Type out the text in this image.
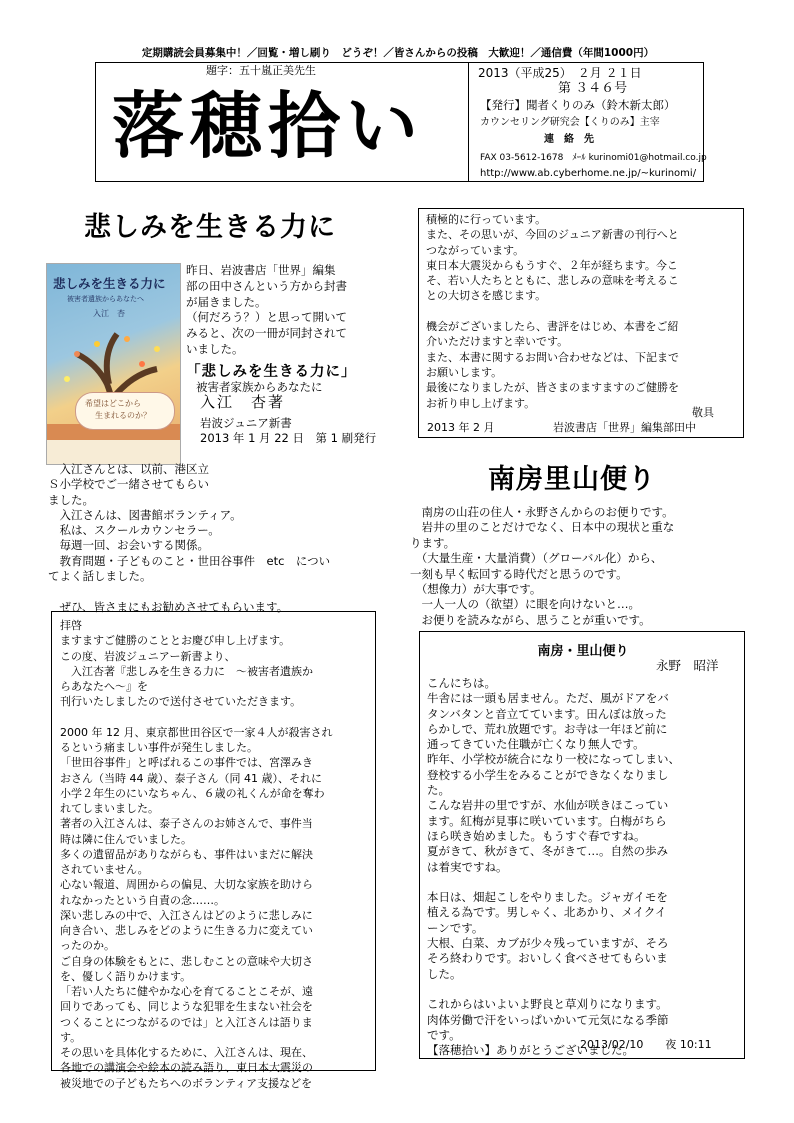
定期購読会員募集中！／回覧・増し刷り　どうぞ！／皆さんからの投稿　大歓迎！／通信費（年間1000円）
題字：五十嵐正美先生
落穂拾い
2013（平成25）　２月 ２１日
第 ３４６号
【発行】聞者くりのみ（鈴木新太郎）
カウンセリング研究会【くりのみ】主宰
連　絡　先
FAX 03-5612-1678　ﾒｰﾙ kurinomi01@hotmail.co.jp
http://www.ab.cyberhome.ne.jp/~kurinomi/
悲しみを生きる力に
悲しみを生きる力に
被害者遺族からあなたへ
入江　杏
希望はどこから
生まれるのか？
昨日、岩波書店「世界」編集
部の田中さんという方から封書
が届きました。
（何だろう？）と思って開いて
みると、次の一冊が同封されて
いました。
「悲しみを生きる力に」
被害者家族からあなたに
入江　杏著
岩波ジュニア新書
2013 年 1 月 22 日　第 1 刷発行
　入江さんとは、以前、港区立
Ｓ小学校でご一緒させてもらい
ました。
　入江さんは、図書館ボランティア。
　私は、スクールカウンセラー。
　毎週一回、お会いする関係。
　教育問題・子どものこと・世田谷事件　etc　につい
てよく話しました。

　ぜひ、皆さまにもお勧めさせてもらいます。
拝啓
ますますご健勝のこととお慶び申し上げます。
この度、岩波ジュニアー新書より、
　入江杏著『悲しみを生きる力に　～被害者遺族か
らあなたへ～』を
刊行いたしましたので送付させていただきます。

2000 年 12 月、東京都世田谷区で一家４人が殺害され
るという痛ましい事件が発生しました。
「世田谷事件」と呼ばれるこの事件では、宮澤みき
おさん（当時 44 歳）、泰子さん（同 41 歳）、それに
小学２年生のにいなちゃん、６歳の礼くんが命を奪わ
れてしまいました。
著者の入江さんは、泰子さんのお姉さんで、事件当
時は隣に住んでいました。
多くの遺留品がありながらも、事件はいまだに解決
されていません。
心ない報道、周囲からの偏見、大切な家族を助けら
れなかったという自責の念……。
深い悲しみの中で、入江さんはどのように悲しみに
向き合い、悲しみをどのように生きる力に変えてい
ったのか。
ご自身の体験をもとに、悲しむことの意味や大切さ
を、優しく語りかけます。
「若い人たちに健やかな心を育てることこそが、遠
回りであっても、同じような犯罪を生まない社会を
つくることにつながるのでは」と入江さんは語りま
す。
その思いを具体化するために、入江さんは、現在、
各地での講演会や絵本の読み語り、東日本大震災の
被災地での子どもたちへのボランティア支援などを
積極的に行っています。
また、その思いが、今回のジュニア新書の刊行へと
つながっています。
東日本大震災からもうすぐ、２年が経ちます。今こ
そ、若い人たちとともに、悲しみの意味を考えるこ
との大切さを感じます。

機会がございましたら、書評をはじめ、本書をご紹
介いただけますと幸いです。
また、本書に関するお問い合わせなどは、下記まで
お願いします。
最後になりましたが、皆さまのますますのご健勝を
お祈り申し上げます。
敬具
2013 年 2 月	岩波書店「世界」編集部田中
南房里山便り
　南房の山荘の住人・永野さんからのお便りです。
　岩井の里のことだけでなく、日本中の現状と重な
ります。
　（大量生産・大量消費）（グローバル化）から、
一刻も早く転回する時代だと思うのです。
　（想像力）が大事です。
　一人一人の（欲望）に眼を向けないと…。
　お便りを読みながら、思うことが重いです。
南房・里山便り
永野　昭洋
こんにちは。
牛舎には一頭も居ません。ただ、風がドアをバ
タンバタンと音立てています。田んぼは放った
らかしで、荒れ放題です。お寺は一年ほど前に
通ってきていた住職が亡くなり無人です。
昨年、小学校が統合になり一校になってしまい、
登校する小学生をみることができなくなりまし
た。
こんな岩井の里ですが、水仙が咲きほこってい
ます。紅梅が見事に咲いています。白梅がちら
ほら咲き始めました。もうすぐ春ですね。
夏がきて、秋がきて、冬がきて…。自然の歩み
は着実ですね。

本日は、畑起こしをやりました。ジャガイモを
植える為です。男しゃく、北あかり、メイクイ
ーンです。
大根、白菜、カブが少々残っていますが、そろ
そろ終わりです。おいしく食べさせてもらいま
した。

これからはいよいよ野良と草刈りになります。
肉体労働で汗をいっぱいかいて元気になる季節
です。
【落穂拾い】ありがとうございました。
2013/02/10　　夜 10:11
